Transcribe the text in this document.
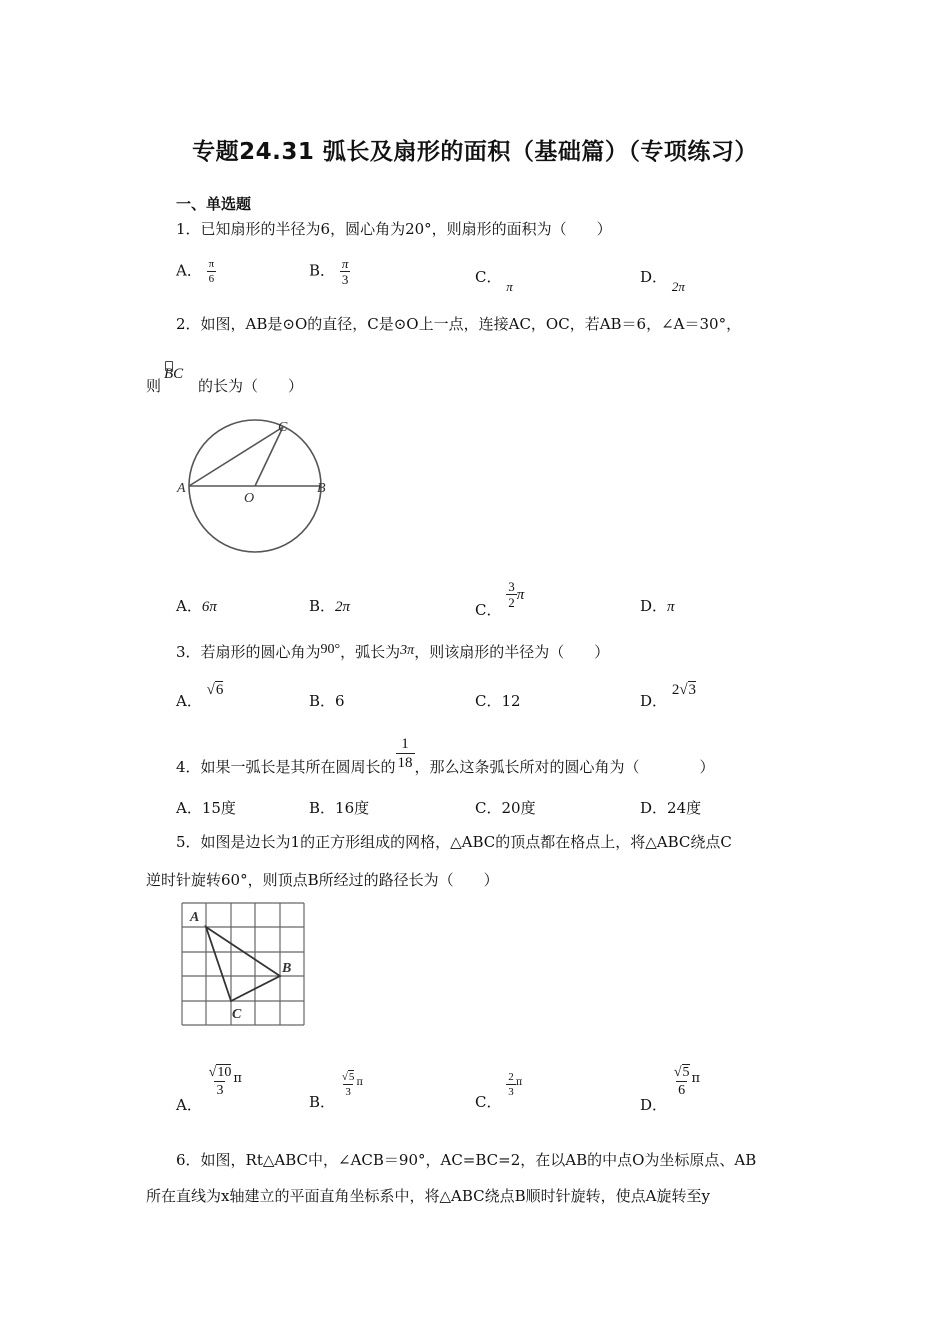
专题24.31 弧长及扇形的面积（基础篇）（专项练习）
一、单选题
1．已知扇形的半径为6，圆心角为20°，则扇形的面积为（　　）
A． $\frac{\pi}{6}$	B． $\frac{\pi}{3}$	C． π
D． 2π
2．如图，AB是⊙O的直径，C是⊙O上一点，连接AC，OC，若AB＝6，∠A＝30°，
则
BC
的长为（　　）
A	B
C
O
A．6π	B．2π	C． $\frac{3}{2}$ π
D．π
3．若扇形的圆心角为90°，弧长为3π，则该扇形的半径为（　　）
A． √6
B．6	C．12	D． 2√3
4．如果一弧长是其所在圆周长的 $\frac{1}{18}$ ，那么这条弧长所对的圆心角为（　　　　）
A．15度	B．16度	C．20度	D．24度
5．如图是边长为1的正方形组成的网格，△ABC的顶点都在格点上，将△ABC绕点C
逆时针旋转60°，则顶点B所经过的路径长为（　　）
A
B
C
A．
$\frac{√10}{3}$ π
B．
$\frac{√5}{3} ^\pi$
C．
$\frac{2}{3} ^\pi$
D．
$\frac{√5}{6}$ π
6．如图，Rt△ABC中，∠ACB＝90°，AC=BC=2，在以AB的中点O为坐标原点、AB
所在直线为x轴建立的平面直角坐标系中，将△ABC绕点B顺时针旋转，使点A旋转至y
